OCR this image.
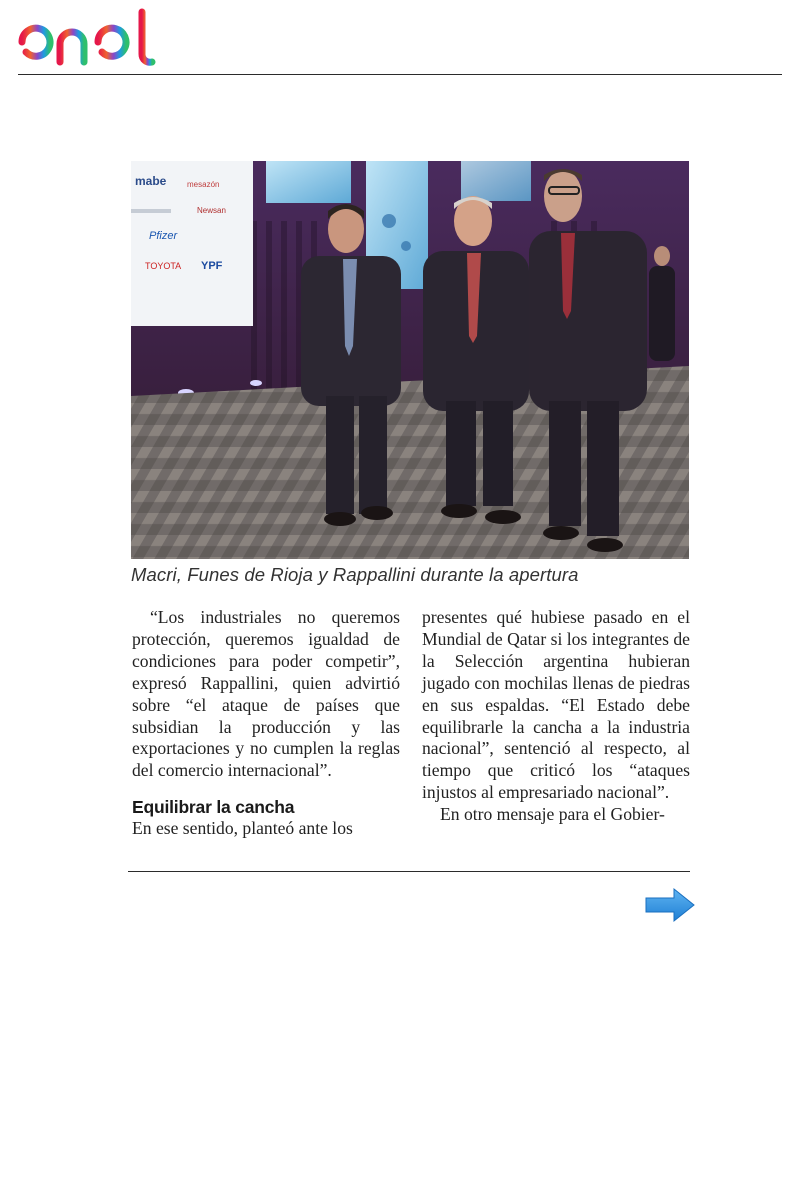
mabe	mesazón
Pfizer
Newsan
TOYOTA YPF
Macri, Funes de Rioja y Rappallini durante la apertura

“Los industriales no queremos protección, queremos igualdad de condiciones para poder competir”, expresó Rappallini, quien advirtió sobre “el ataque de países que subsidian la producción y las exportaciones y no cumplen la reglas del comercio internacional”.

Equilibrar la cancha

En ese sentido, planteó ante los

presentes qué hubiese pasado en el Mundial de Qatar si los integrantes de la Selección argentina hubieran jugado con mochilas llenas de piedras en sus espaldas. “El Estado debe equilibrarle la cancha a la industria nacional”, sentenció al respecto, al tiempo que criticó los “ataques injustos al empresariado nacional”.

En otro mensaje para el Gobier-
